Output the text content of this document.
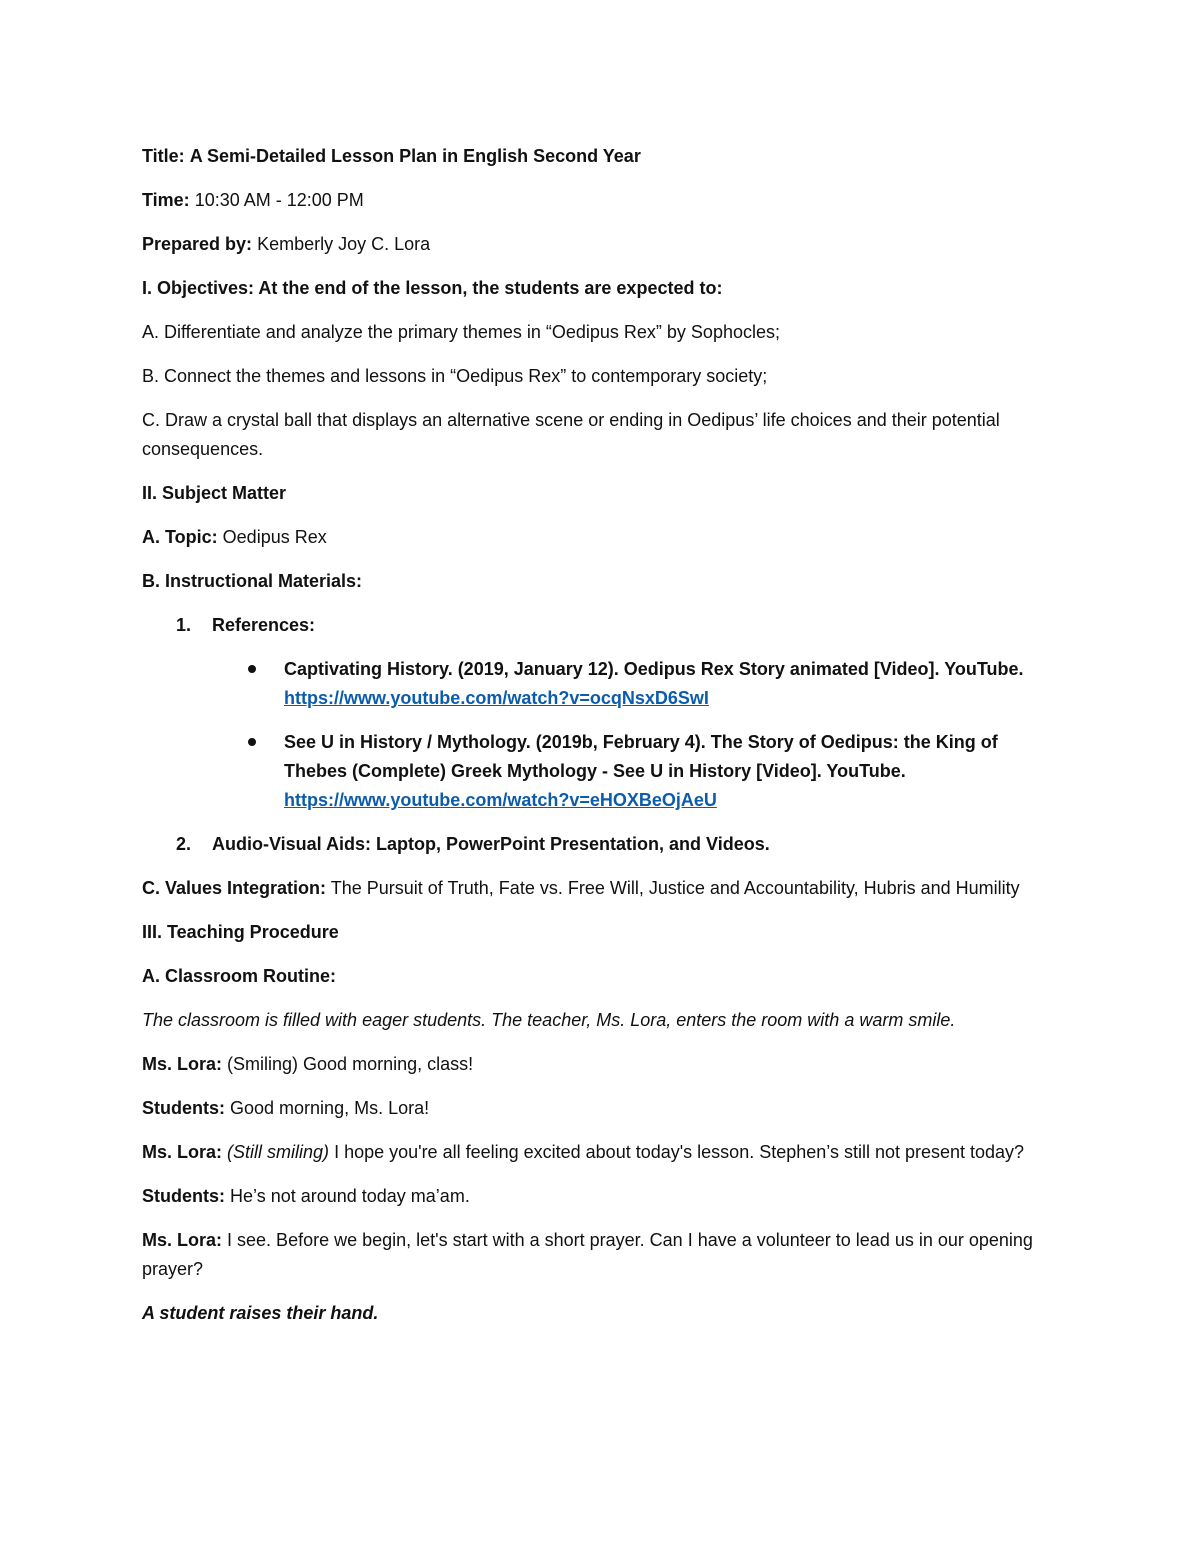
Title: A Semi-Detailed Lesson Plan in English Second Year

Time: 10:30 AM - 12:00 PM

Prepared by: Kemberly Joy C. Lora

I. Objectives: At the end of the lesson, the students are expected to:

A. Differentiate and analyze the primary themes in “Oedipus Rex” by Sophocles;

B. Connect the themes and lessons in “Oedipus Rex” to contemporary society;

C. Draw a crystal ball that displays an alternative scene or ending in Oedipus’ life choices and their potential consequences.

II. Subject Matter

A. Topic: Oedipus Rex

B. Instructional Materials:

1. References:
Captivating History. (2019, January 12). Oedipus Rex Story animated [Video]. YouTube.
https://www.youtube.com/watch?v=ocqNsxD6SwI
See U in History / Mythology. (2019b, February 4). The Story of Oedipus: the King of Thebes (Complete) Greek Mythology - See U in History [Video]. YouTube.
https://www.youtube.com/watch?v=eHOXBeOjAeU
2. Audio-Visual Aids: Laptop, PowerPoint Presentation, and Videos.

C. Values Integration: The Pursuit of Truth, Fate vs. Free Will, Justice and Accountability, Hubris and Humility

III. Teaching Procedure

A. Classroom Routine:

The classroom is filled with eager students. The teacher, Ms. Lora, enters the room with a warm smile.

Ms. Lora: (Smiling) Good morning, class!

Students: Good morning, Ms. Lora!

Ms. Lora: (Still smiling) I hope you're all feeling excited about today's lesson. Stephen’s still not present today?

Students: He’s not around today ma’am.

Ms. Lora: I see. Before we begin, let's start with a short prayer. Can I have a volunteer to lead us in our opening prayer?

A student raises their hand.
